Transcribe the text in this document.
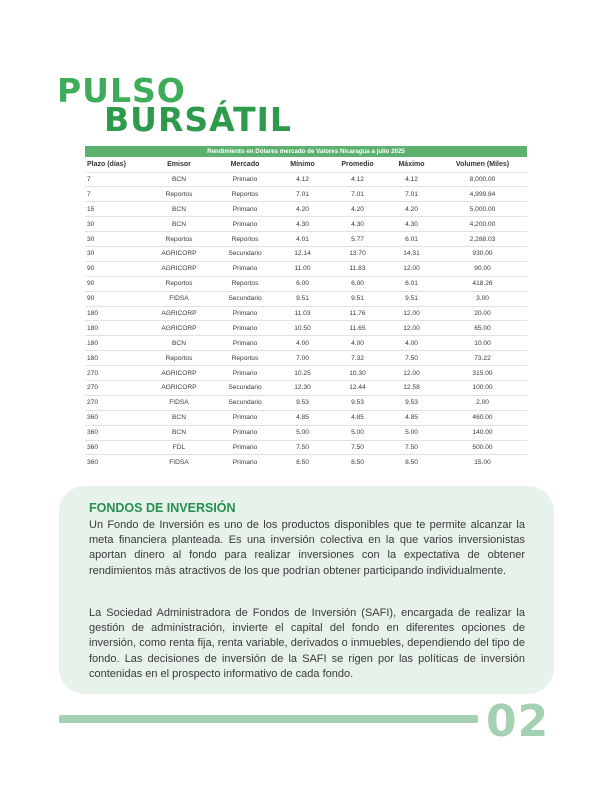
PULSO
BURSÁTIL
Rendimiento en Dólares mercado de Valores Nicaragua a julio 2025
Plazo (días)	Emisor	Mercado	Mínimo	Promedio	Máximo	Volumen (Miles)
7	BCN	Primario	4.12	4.12	4.12	8,000.00
7	Reportos	Reportos	7.01	7.01	7.01	4,999.84
15	BCN	Primario	4.20	4.20	4.20	5,000.00
30	BCN	Primario	4.30	4.30	4.30	4,200.00
30	Reportos	Reportos	4.01	5.77	6.01	2,288.03
30	AGRICORP	Secundario	12.14	13.70	14.31	930.00
90	AGRICORP	Primario	11.00	11.83	12.00	90.00
90	Reportos	Reportos	6.00	6.00	6.01	418.26
90	FIDSA	Secundario	9.51	9.51	9.51	3.00
180	AGRICORP	Primario	11.03	11.76	12.00	20.00
180	AGRICORP	Primario	10.50	11.65	12.00	65.00
180	BCN	Primario	4.00	4.00	4.00	10.00
180	Reportos	Reportos	7.00	7.32	7.50	73.22
270	AGRICORP	Primario	10.25	10.30	12.00	315.00
270	AGRICORP	Secundario	12.30	12.44	12.58	100.00
270	FIDSA	Secundario	9.53	9.53	9.53	2.00
360	BCN	Primario	4.85	4.85	4.85	460.00
360	BCN	Primario	5.00	5.00	5.00	140.00
360	FDL	Primario	7.50	7.50	7.50	500.00
360	FIDSA	Primario	8.50	8.50	8.50	15.00
FONDOS DE INVERSIÓN

Un Fondo de Inversión es uno de los productos disponibles que te permite alcanzar la meta financiera planteada. Es una inversión colectiva en la que varios inversionistas aportan dinero al fondo para realizar inversiones con la expectativa de obtener rendimientos más atractivos de los que podrían obtener participando individualmente.

La Sociedad Administradora de Fondos de Inversión (SAFI), encargada de realizar la gestión de administración, invierte el capital del fondo en diferentes opciones de inversión, como renta fija, renta variable, derivados o inmuebles, dependiendo del tipo de fondo. Las decisiones de inversión de la SAFI se rigen por las políticas de inversión contenidas en el prospecto informativo de cada fondo.

02
